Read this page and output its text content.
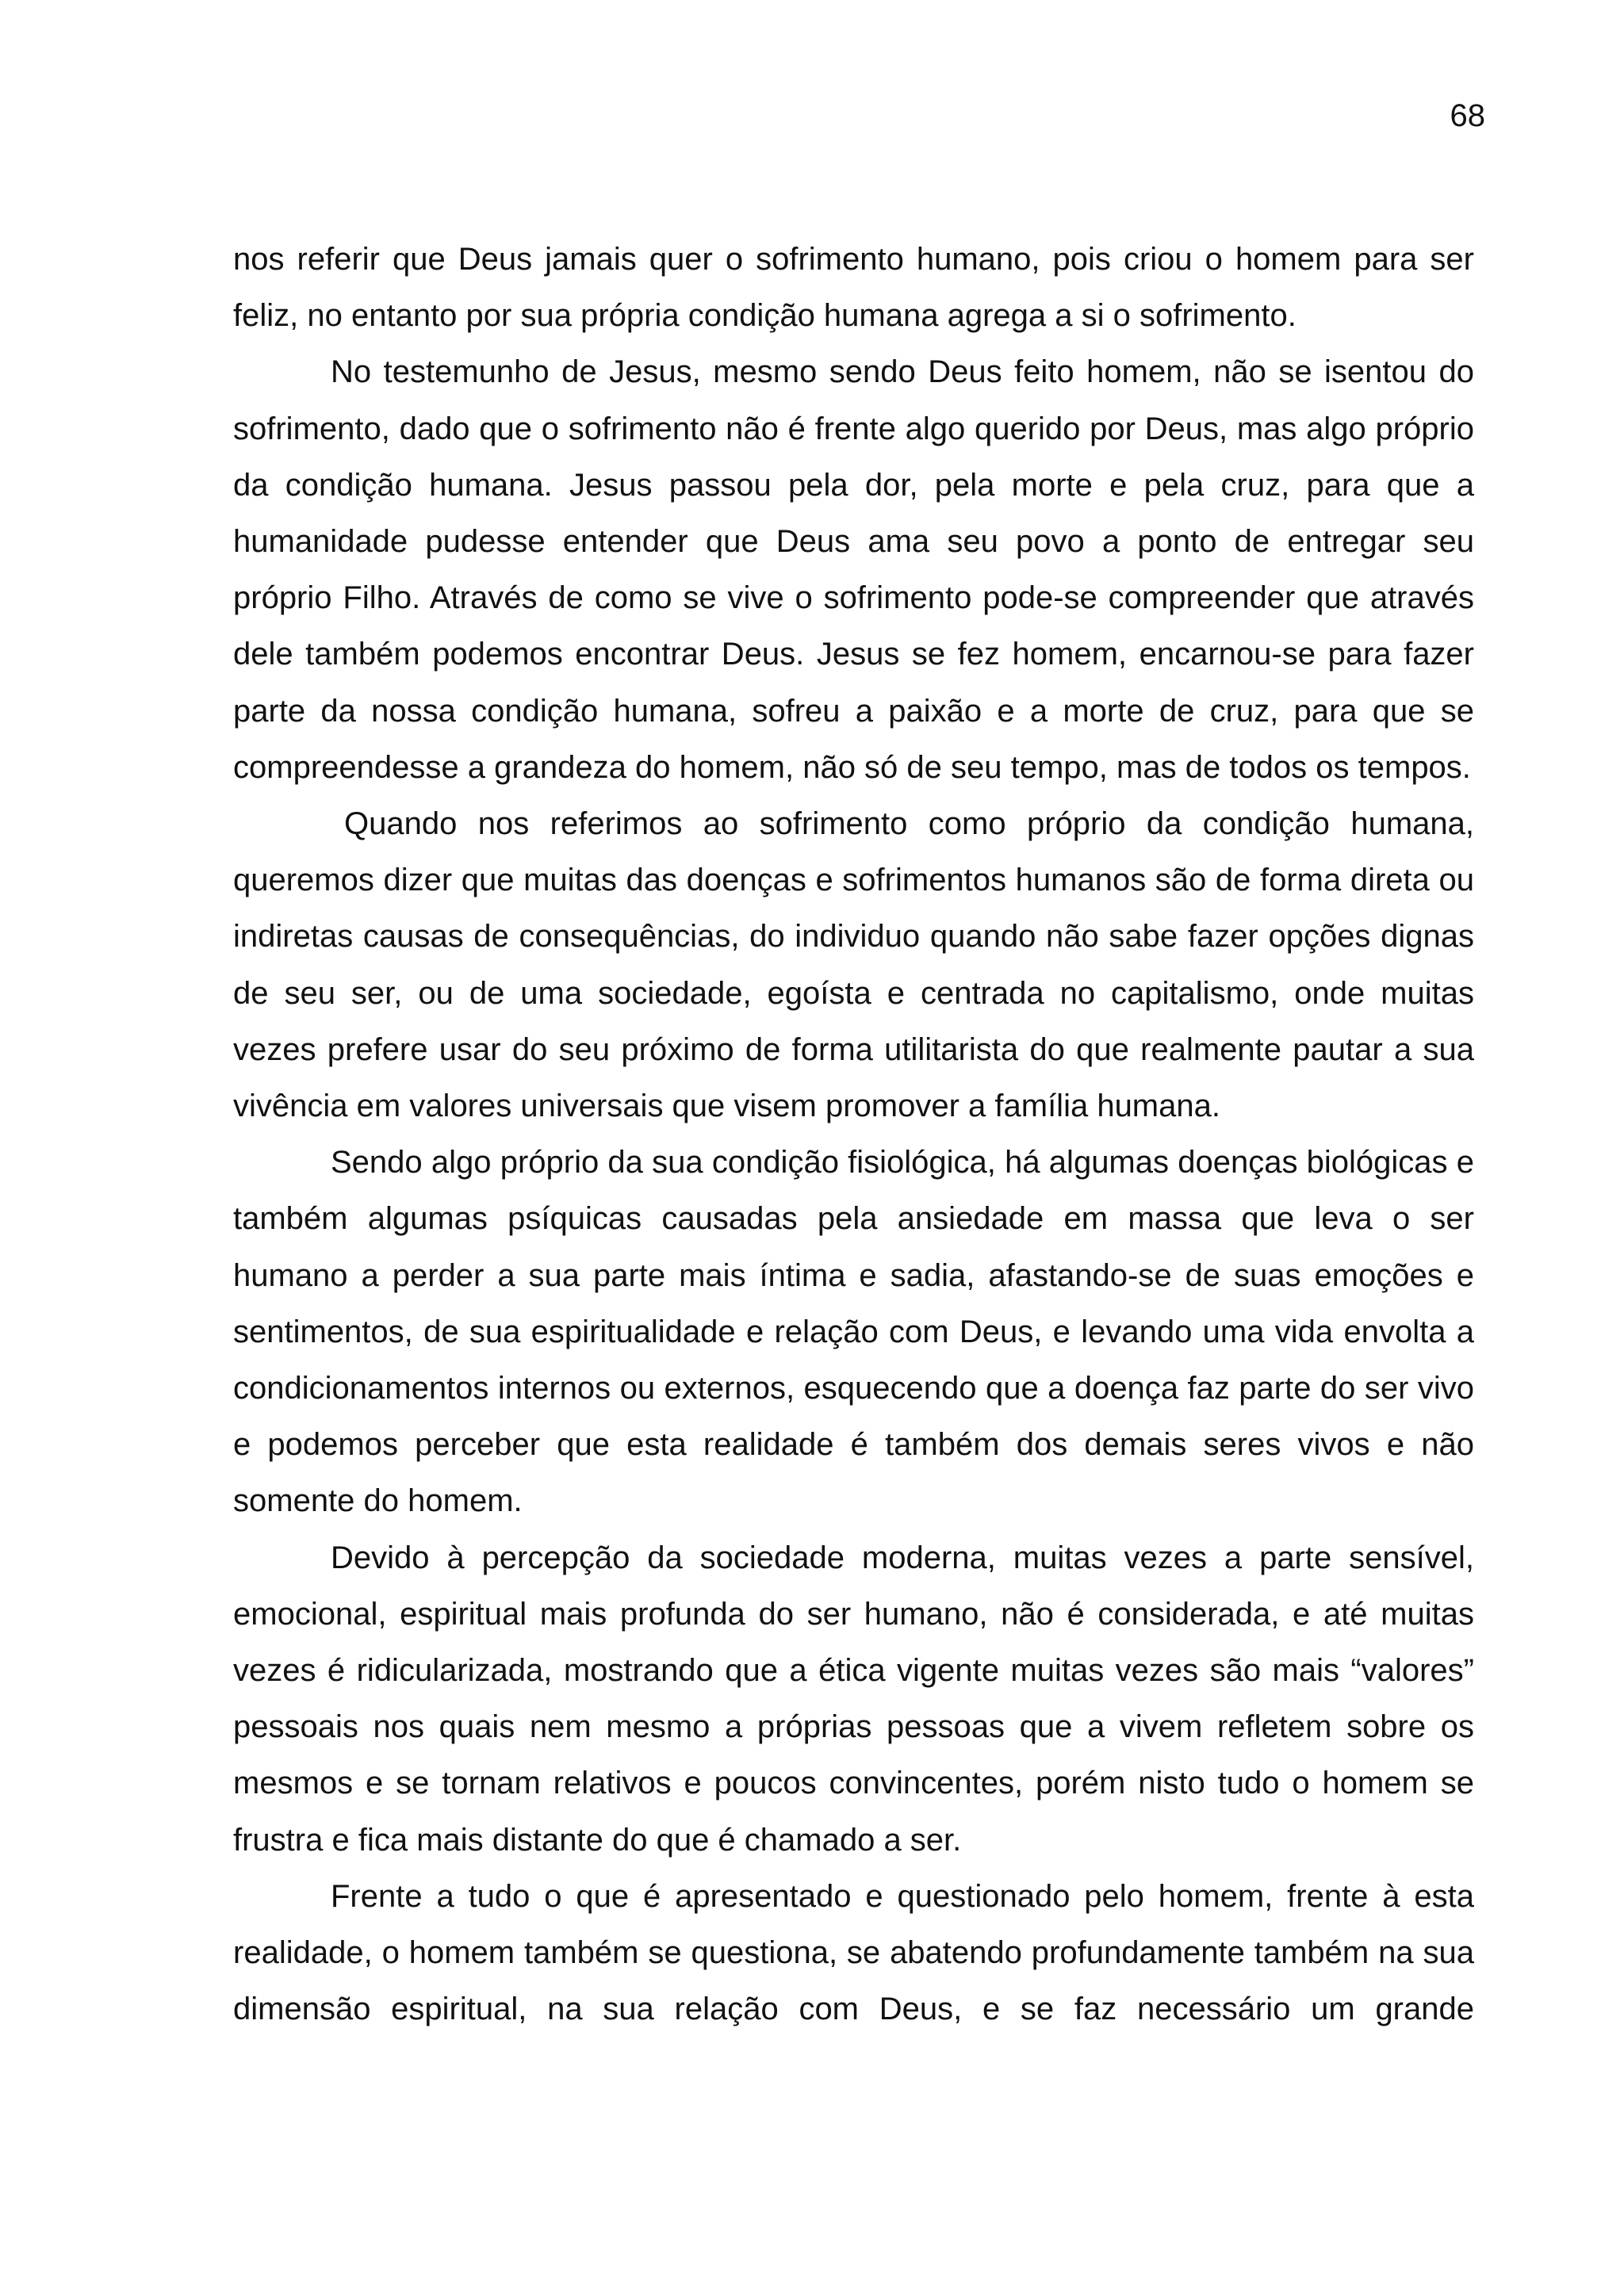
68

nos referir que Deus jamais quer o sofrimento humano, pois criou o homem para ser feliz, no entanto por sua própria condição humana agrega a si o sofrimento.

No testemunho de Jesus, mesmo sendo Deus feito homem, não se isentou do sofrimento, dado que o sofrimento não é frente algo querido por Deus, mas algo próprio da condição humana. Jesus passou pela dor, pela morte e pela cruz, para que a humanidade pudesse entender que Deus ama seu povo a ponto de entregar seu próprio Filho. Através de como se vive o sofrimento pode-se compreender que através dele também podemos encontrar Deus. Jesus se fez homem, encarnou-se para fazer parte da nossa condição humana, sofreu a paixão e a morte de cruz, para que se compreendesse a grandeza do homem, não só de seu tempo, mas de todos os tempos.

Quando nos referimos ao sofrimento como próprio da condição humana, queremos dizer que muitas das doenças e sofrimentos humanos são de forma direta ou indiretas causas de consequências, do individuo quando não sabe fazer opções dignas de seu ser, ou de uma sociedade, egoísta e centrada no capitalismo, onde muitas vezes prefere usar do seu próximo de forma utilitarista do que realmente pautar a sua vivência em valores universais que visem promover a família humana.

Sendo algo próprio da sua condição fisiológica, há algumas doenças biológicas e também algumas psíquicas causadas pela ansiedade em massa que leva o ser humano a perder a sua parte mais íntima e sadia, afastando-se de suas emoções e sentimentos, de sua espiritualidade e relação com Deus, e levando uma vida envolta a condicionamentos internos ou externos, esquecendo que a doença faz parte do ser vivo e podemos perceber que esta realidade é também dos demais seres vivos e não somente do homem.

Devido à percepção da sociedade moderna, muitas vezes a parte sensível, emocional, espiritual mais profunda do ser humano, não é considerada, e até muitas vezes é ridicularizada, mostrando que a ética vigente muitas vezes são mais “valores” pessoais nos quais nem mesmo a próprias pessoas que a vivem refletem sobre os mesmos e se tornam relativos e poucos convincentes, porém nisto tudo o homem se frustra e fica mais distante do que é chamado a ser.

Frente a tudo o que é apresentado e questionado pelo homem, frente à esta realidade, o homem também se questiona, se abatendo profundamente também na sua dimensão espiritual, na sua relação com Deus, e se faz necessário um grande
